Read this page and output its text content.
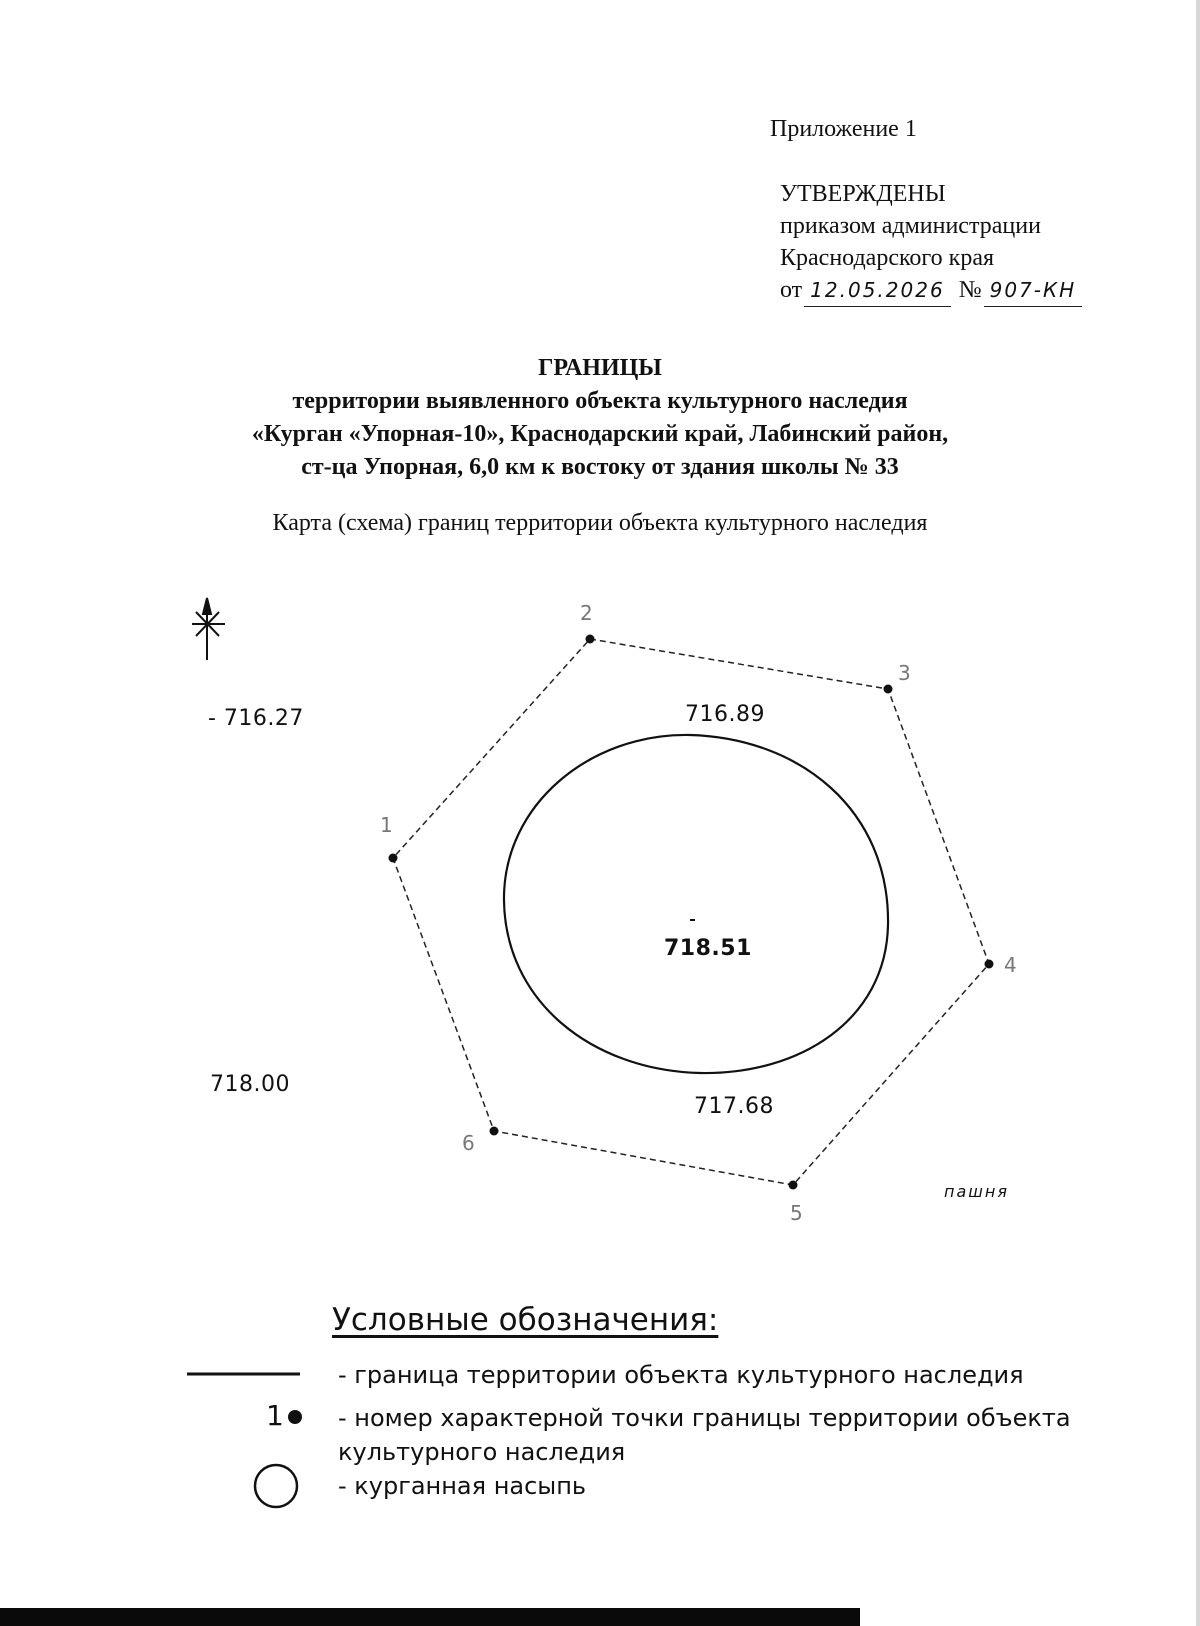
Приложение 1
УТВЕРЖДЕНЫ
приказом администрации
Краснодарского края
от 12.05.2026 № 907-КН
ГРАНИЦЫ
территории выявленного объекта культурного наследия
«Курган «Упорная-10», Краснодарский край, Лабинский район,
ст-ца Упорная, 6,0 км к востоку от здания школы № 33
Карта (схема) границ территории объекта культурного наследия
1
2
3
4
5
6
- 716.27	716.89
718.51
717.68
718.00
пашня
Условные обозначения:
1
- граница территории объекта культурного наследия
- номер характерной точки границы территории объекта
культурного наследия
- курганная насыпь
